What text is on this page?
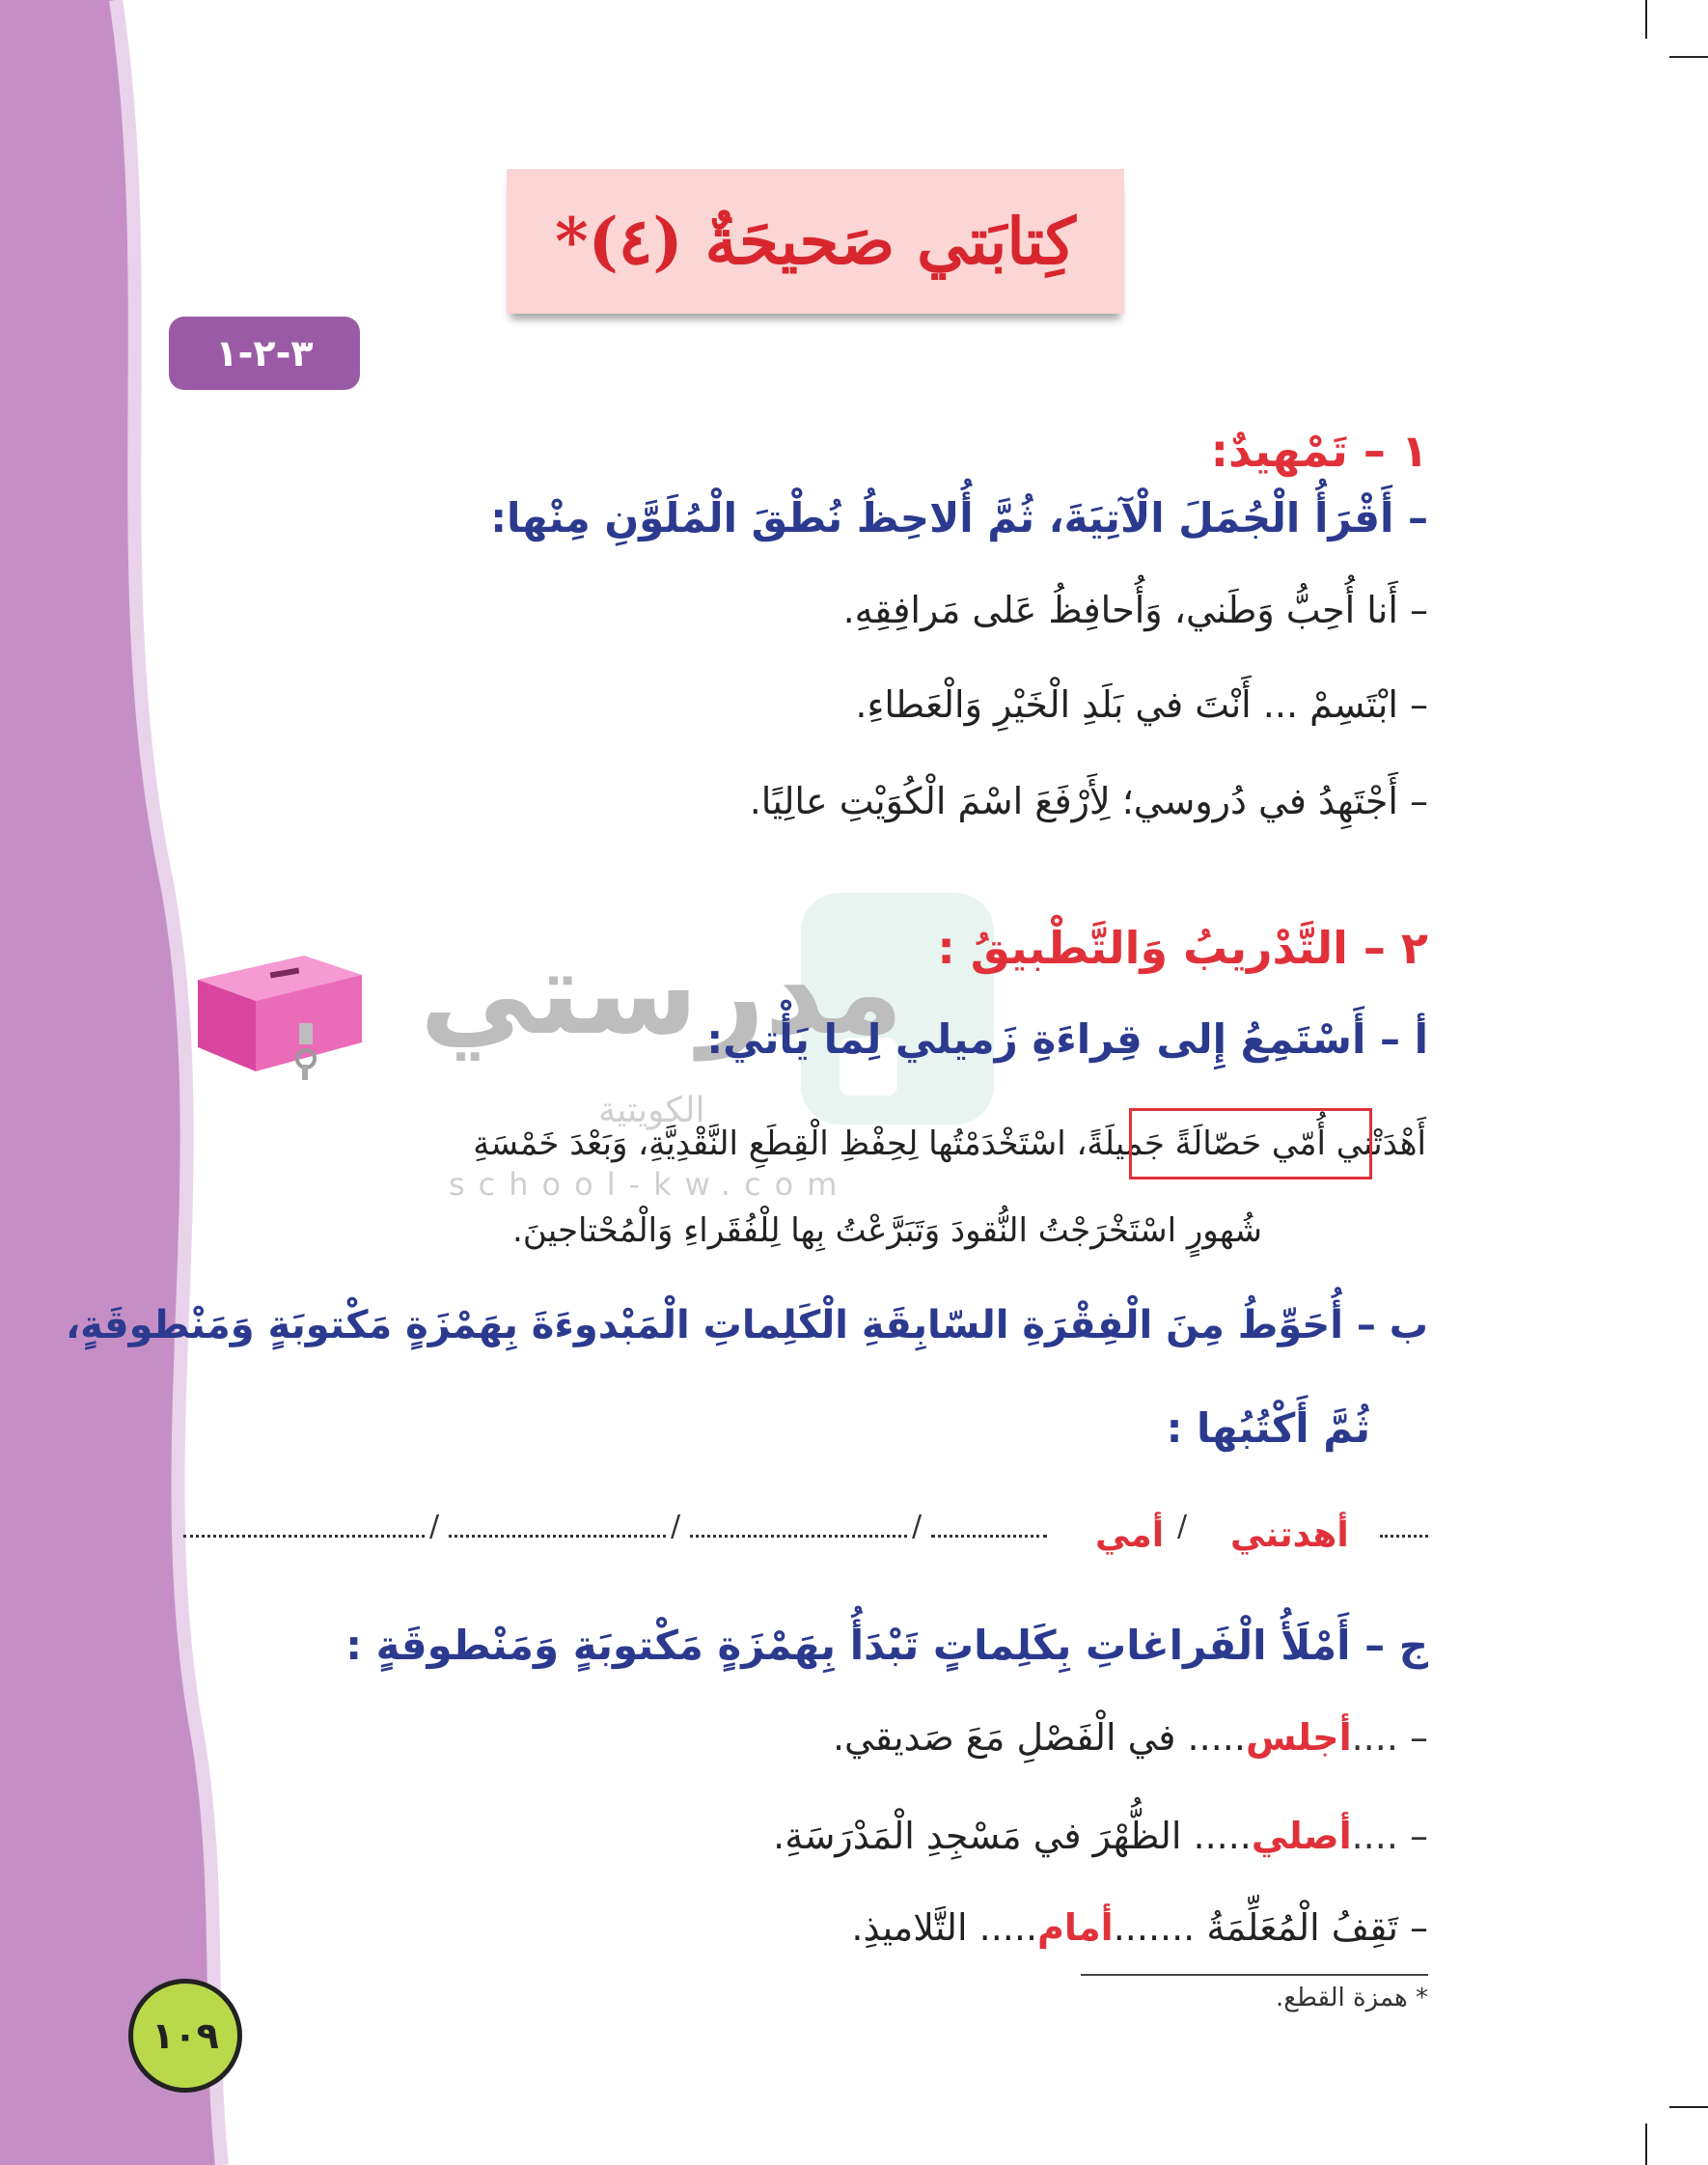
كِتابَتي صَحيحَةٌ (٤)*
٣-٢-١
مدرستي
الكويتية
school-kw.com
١ – تَمْهيدٌ:
– أَقْرَأُ الْجُمَلَ الْآتِيَةَ، ثُمَّ أُلاحِظُ نُطْقَ الْمُلَوَّنِ مِنْها:
– أَنا أُحِبُّ وَطَني، وَأُحافِظُ عَلى مَرافِقِهِ.
– ابْتَسِمْ ... أَنْتَ في بَلَدِ الْخَيْرِ وَالْعَطاءِ.
– أَجْتَهِدُ في دُروسي؛ لِأَرْفَعَ اسْمَ الْكُوَيْتِ عالِيًا.
٢ – التَّدْريبُ وَالتَّطْبيقُ :
أ – أَسْتَمِعُ إِلى قِراءَةِ زَميلي لِما يَأْتي:
أَهْدَتْني أُمّي حَصّالَةً جَميلَةً، اسْتَخْدَمْتُها لِحِفْظِ الْقِطَعِ النَّقْدِيَّةِ، وَبَعْدَ خَمْسَةِ
شُهورٍ اسْتَخْرَجْتُ النُّقودَ وَتَبَرَّعْتُ بِها لِلْفُقَراءِ وَالْمُحْتاجينَ.
ب – أُحَوِّطُ مِنَ الْفِقْرَةِ السّابِقَةِ الْكَلِماتِ الْمَبْدوءَةَ بِهَمْزَةٍ مَكْتوبَةٍ وَمَنْطوقَةٍ،
ثُمَّ أَكْتُبُها :
/	/	/	أمي / أهدتني
ج – أَمْلَأُ الْفَراغاتِ بِكَلِماتٍ تَبْدَأُ بِهَمْزَةٍ مَكْتوبَةٍ وَمَنْطوقَةٍ :
– ....أجلس..... في الْفَصْلِ مَعَ صَديقي.
– ....أصلي..... الظُّهْرَ في مَسْجِدِ الْمَدْرَسَةِ.
– تَقِفُ الْمُعَلِّمَةُ .......أمام..... التَّلاميذِ.
* همزة القطع.
١٠٩
